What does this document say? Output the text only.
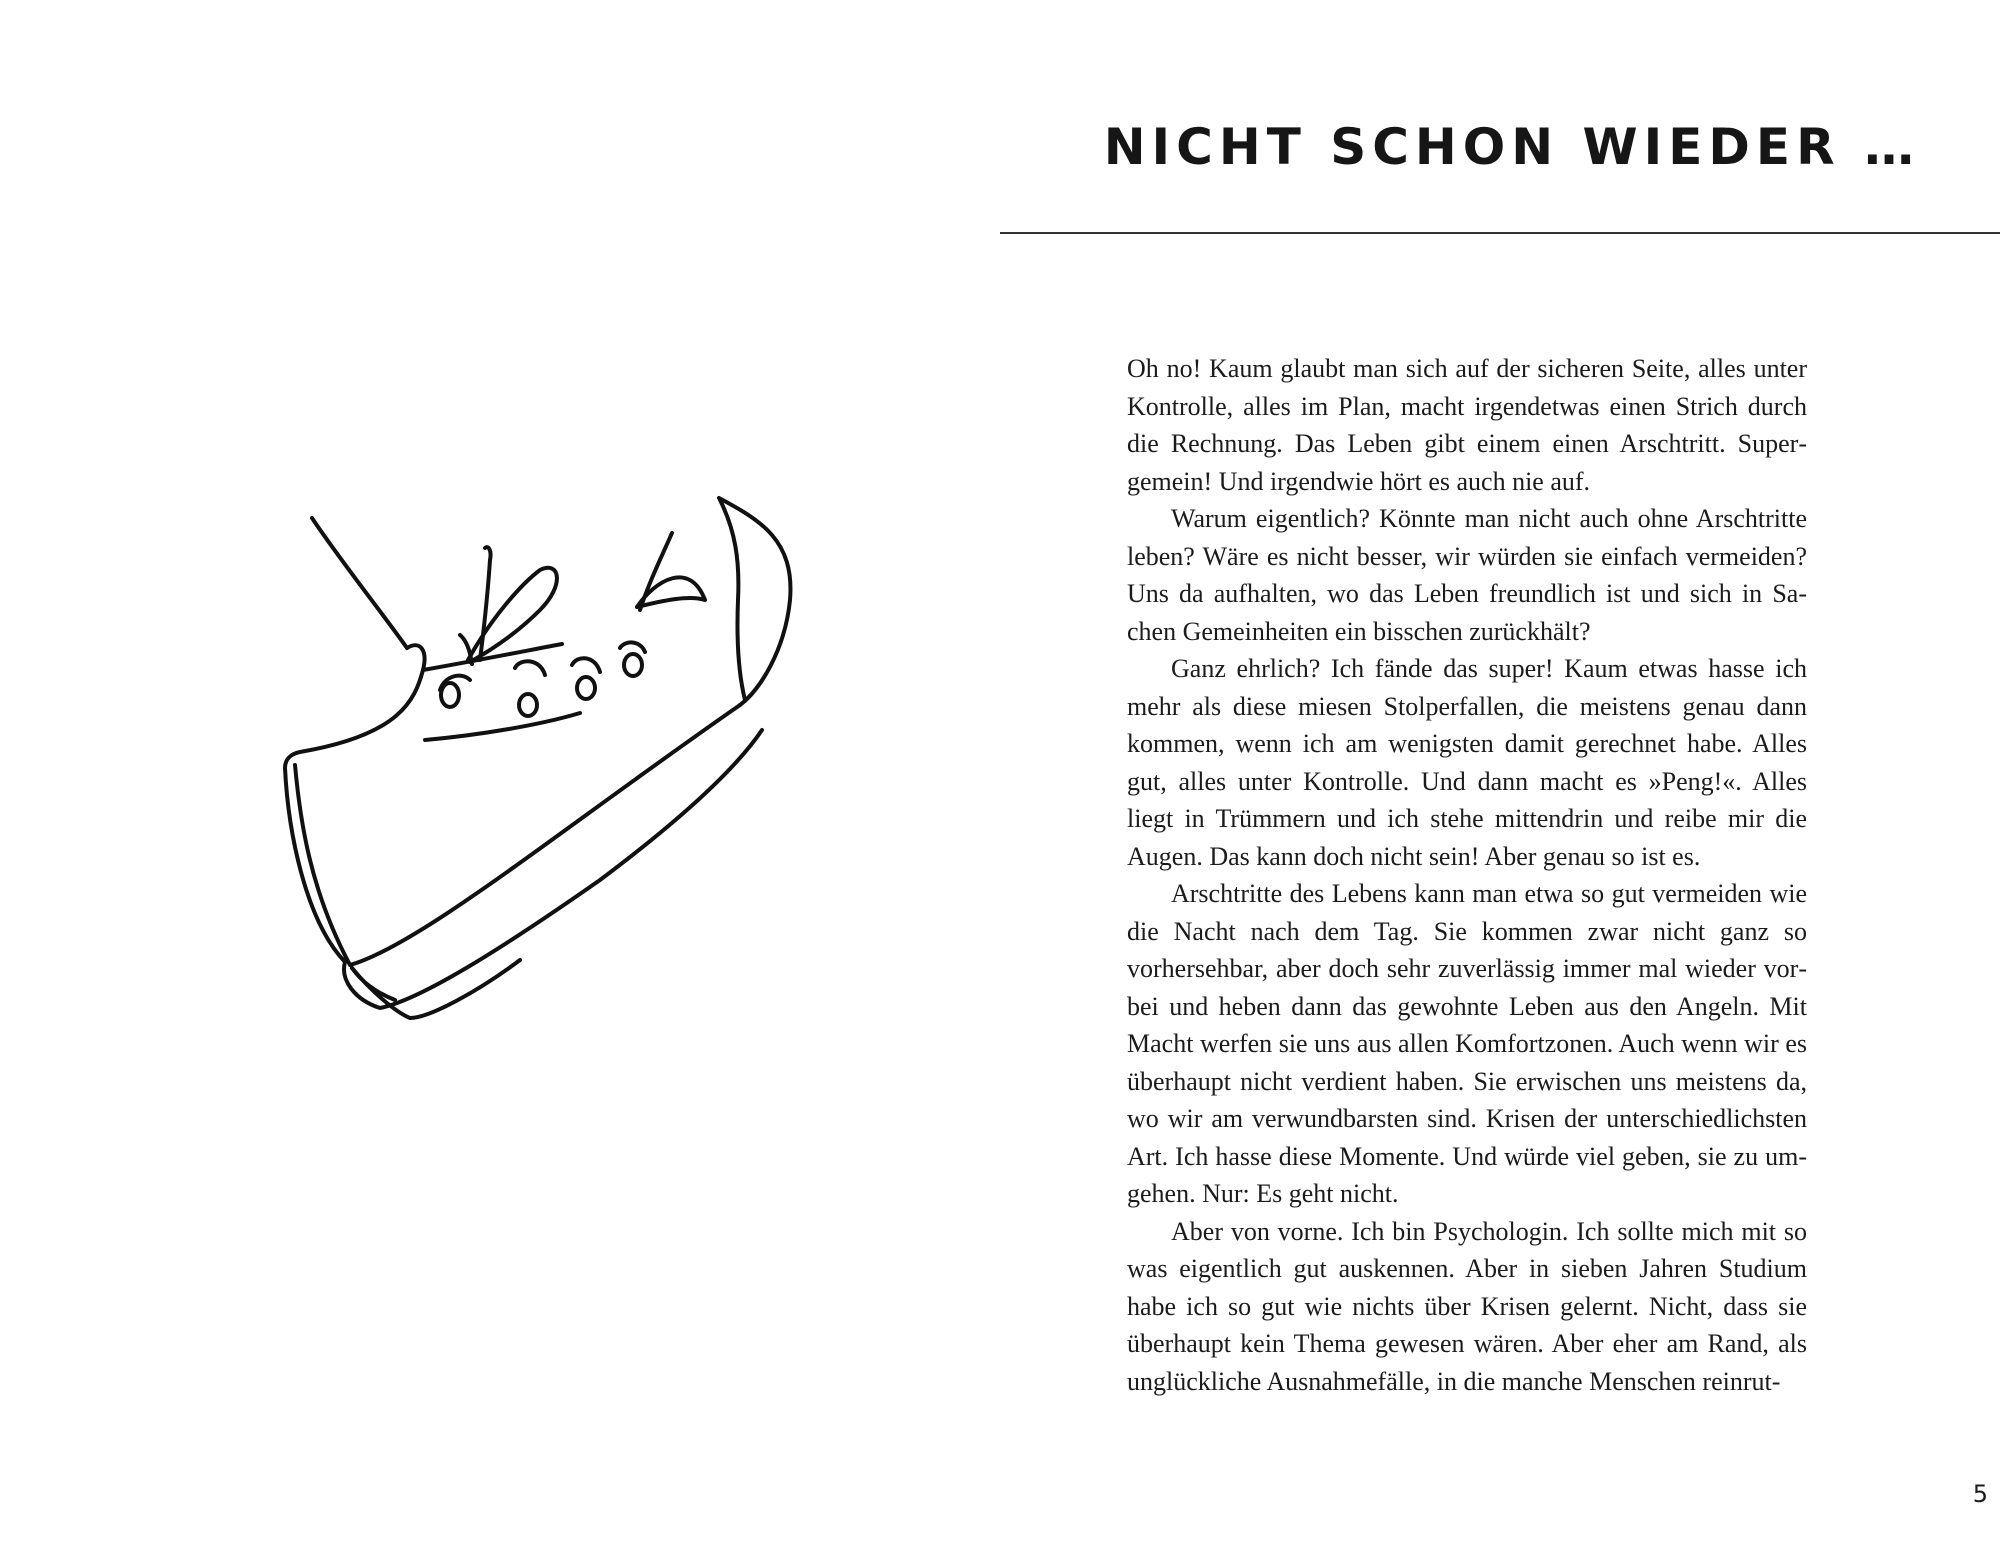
NICHT SCHON WIEDER …

Oh no! Kaum glaubt man sich auf der sicheren Seite, alles unter Kontrolle, alles im Plan, macht irgendetwas einen Strich durch die Rechnung. Das Leben gibt einem einen Arschtritt. Supergemein! Und irgendwie hört es auch nie auf.

Warum eigentlich? Könnte man nicht auch ohne Arschtritte leben? Wäre es nicht besser, wir würden sie einfach vermeiden? Uns da aufhalten, wo das Leben freundlich ist und sich in Sachen Gemeinheiten ein bisschen zurückhält?

Ganz ehrlich? Ich fände das super! Kaum etwas hasse ich mehr als diese miesen Stolperfallen, die meistens genau dann kommen, wenn ich am wenigsten damit gerechnet habe. Alles gut, alles unter Kontrolle. Und dann macht es »Peng!«. Alles liegt in Trümmern und ich stehe mittendrin und reibe mir die Augen. Das kann doch nicht sein! Aber genau so ist es.

Arschtritte des Lebens kann man etwa so gut vermeiden wie die Nacht nach dem Tag. Sie kommen zwar nicht ganz so vorhersehbar, aber doch sehr zuverlässig immer mal wieder vorbei und heben dann das gewohnte Leben aus den Angeln. Mit Macht werfen sie uns aus allen Komfortzonen. Auch wenn wir es überhaupt nicht verdient haben. Sie erwischen uns meistens da, wo wir am verwundbarsten sind. Krisen der unterschiedlichsten Art. Ich hasse diese Momente. Und würde viel geben, sie zu umgehen. Nur: Es geht nicht.

Aber von vorne. Ich bin Psychologin. Ich sollte mich mit so was eigentlich gut auskennen. Aber in sieben Jahren Studium habe ich so gut wie nichts über Krisen gelernt. Nicht, dass sie überhaupt kein Thema gewesen wären. Aber eher am Rand, als unglückliche Ausnahmefälle, in die manche Menschen reinrut-

5
